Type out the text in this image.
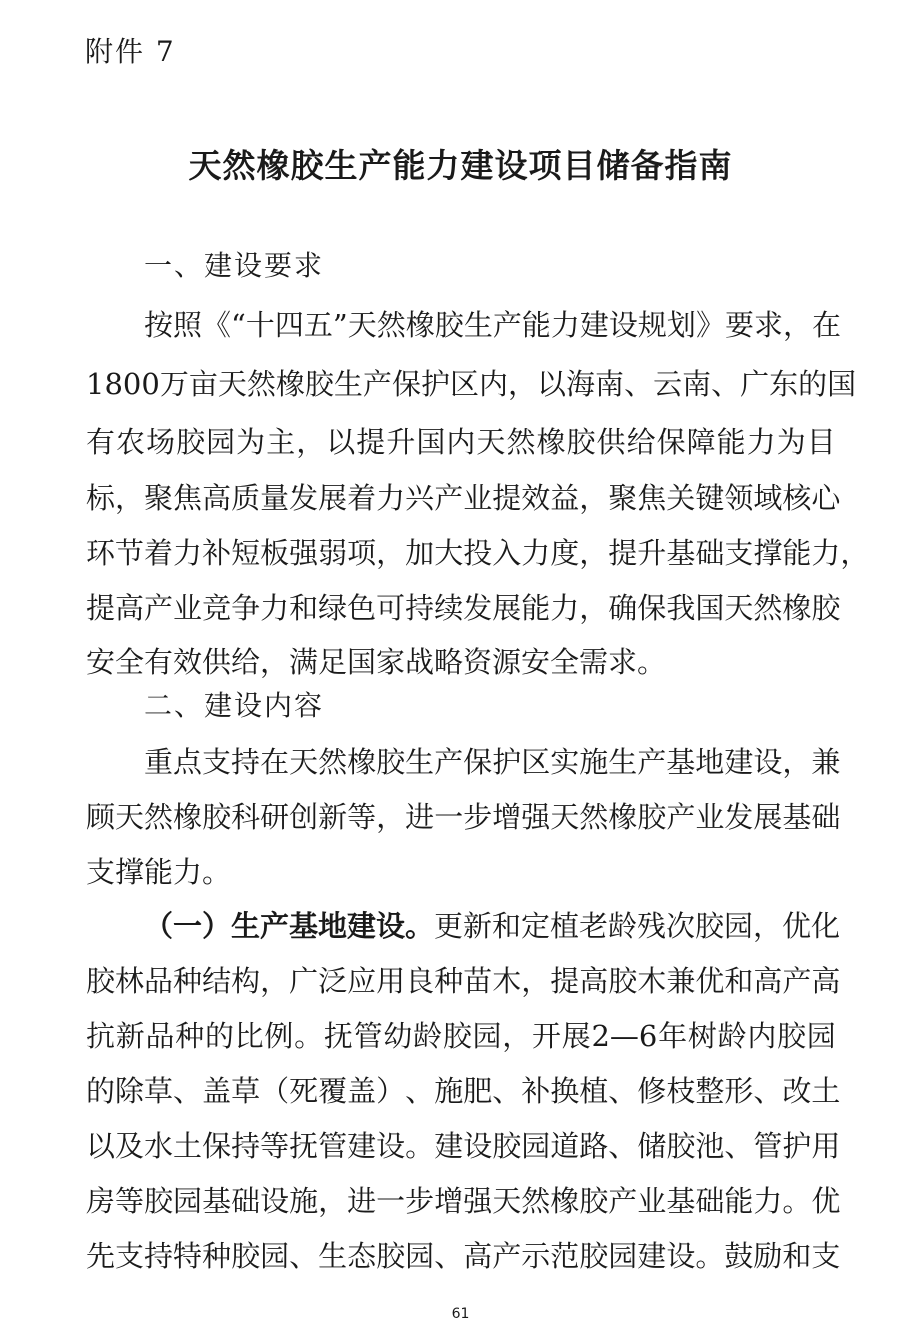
附件 7
天然橡胶生产能力建设项目储备指南
一、建设要求
按 照 《 “ 十 四 五 ” 天 然 橡 胶 生 产 能 力 建 设 规 划 》 要 求 ， 在
1800 万 亩 天 然 橡 胶 生 产 保 护 区 内 ， 以 海 南 、 云 南 、 广 东 的 国
有 农 场 胶 园 为 主 ， 以 提 升 国 内 天 然 橡 胶 供 给 保 障 能 力 为 目
标 ， 聚 焦 高 质 量 发 展 着 力 兴 产 业 提 效 益 ， 聚 焦 关 键 领 域 核 心
环 节 着 力 补 短 板 强 弱 项 ， 加 大 投 入 力 度 ， 提 升 基 础 支 撑 能 力 ，
提 高 产 业 竞 争 力 和 绿 色 可 持 续 发 展 能 力 ， 确 保 我 国 天 然 橡 胶
安全有效供给，满足国家战略资源安全需求。
二、建设内容
重 点 支 持 在 天 然 橡 胶 生 产 保 护 区 实 施 生 产 基 地 建 设 ， 兼
顾 天 然 橡 胶 科 研 创 新 等 ， 进 一 步 增 强 天 然 橡 胶 产 业 发 展 基 础
支撑能力。
（一）生产基地建设。 更新和定植老龄残次胶园，优化
胶 林 品 种 结 构 ， 广 泛 应 用 良 种 苗 木 ， 提 高 胶 木 兼 优 和 高 产 高
抗 新 品 种 的 比 例 。 抚 管 幼 龄 胶 园 ， 开 展 2—6 年 树 龄 内 胶 园
的 除 草 、 盖 草 （ 死 覆 盖 ） 、 施 肥 、 补 换 植 、 修 枝 整 形 、 改 土
以 及 水 土 保 持 等 抚 管 建 设 。 建 设 胶 园 道 路 、 储 胶 池 、 管 护 用
房 等 胶 园 基 础 设 施 ， 进 一 步 增 强 天 然 橡 胶 产 业 基 础 能 力 。 优
先 支 持 特 种 胶 园 、 生 态 胶 园 、 高 产 示 范 胶 园 建 设 。 鼓 励 和 支
61
